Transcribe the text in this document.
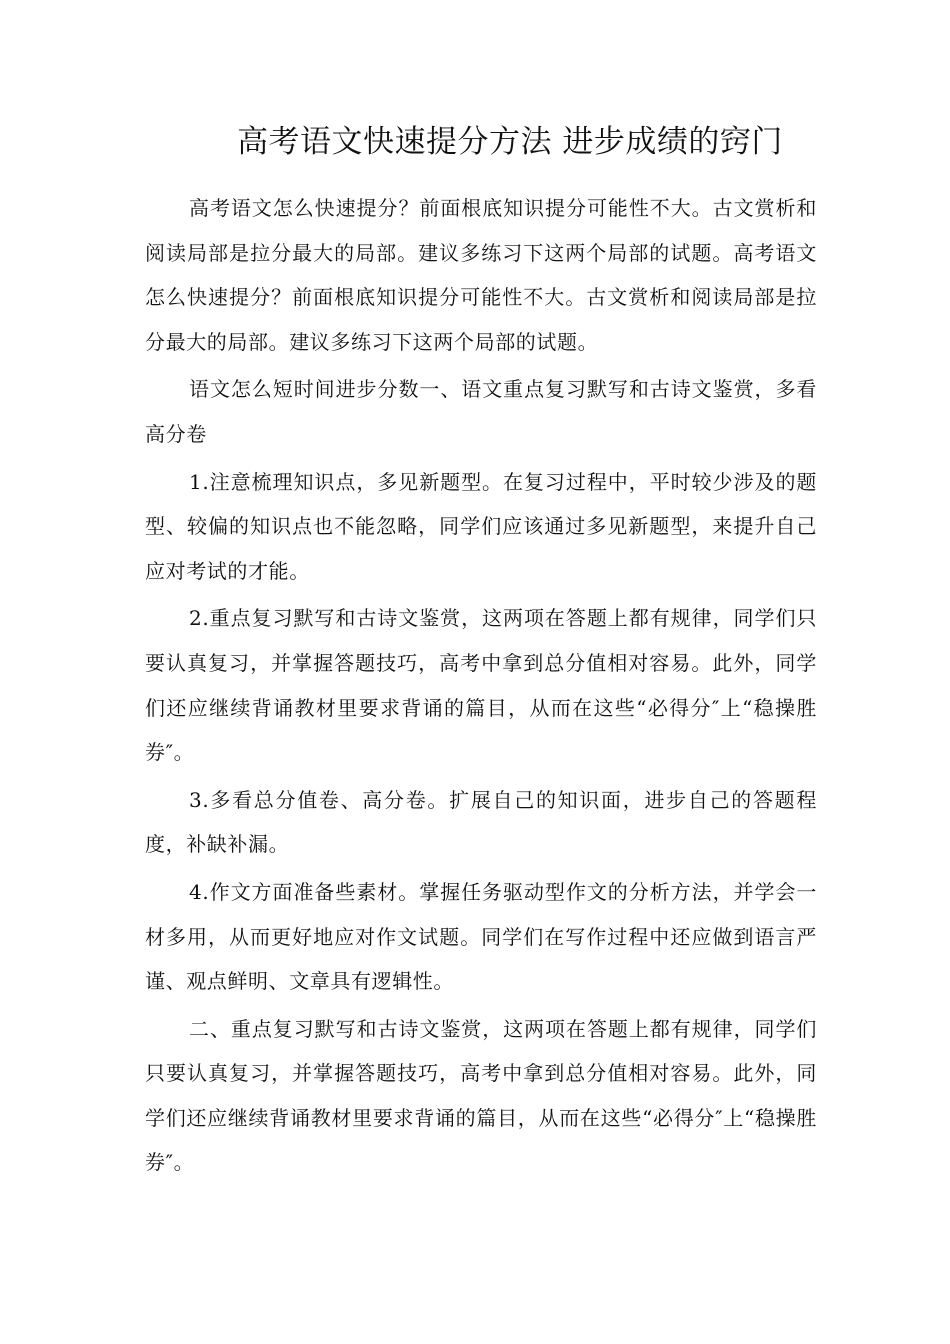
高考语文快速提分方法 进步成绩的窍门

高考语文怎么快速提分？前面根底知识提分可能性不大。古文赏析和阅读局部是拉分最大的局部。建议多练习下这两个局部的试题。高考语文怎么快速提分？前面根底知识提分可能性不大。古文赏析和阅读局部是拉分最大的局部。建议多练习下这两个局部的试题。

语文怎么短时间进步分数一、语文重点复习默写和古诗文鉴赏，多看高分卷

1.注意梳理知识点，多见新题型。在复习过程中，平时较少涉及的题型、较偏的知识点也不能忽略，同学们应该通过多见新题型，来提升自己应对考试的才能。

2.重点复习默写和古诗文鉴赏，这两项在答题上都有规律，同学们只要认真复习，并掌握答题技巧，高考中拿到总分值相对容易。此外，同学们还应继续背诵教材里要求背诵的篇目，从而在这些“必得分″上“稳操胜券″。

3.多看总分值卷、高分卷。扩展自己的知识面，进步自己的答题程度，补缺补漏。

4.作文方面准备些素材。掌握任务驱动型作文的分析方法，并学会一材多用，从而更好地应对作文试题。同学们在写作过程中还应做到语言严谨、观点鲜明、文章具有逻辑性。

二、重点复习默写和古诗文鉴赏，这两项在答题上都有规律，同学们只要认真复习，并掌握答题技巧，高考中拿到总分值相对容易。此外，同学们还应继续背诵教材里要求背诵的篇目，从而在这些“必得分″上“稳操胜券″。
